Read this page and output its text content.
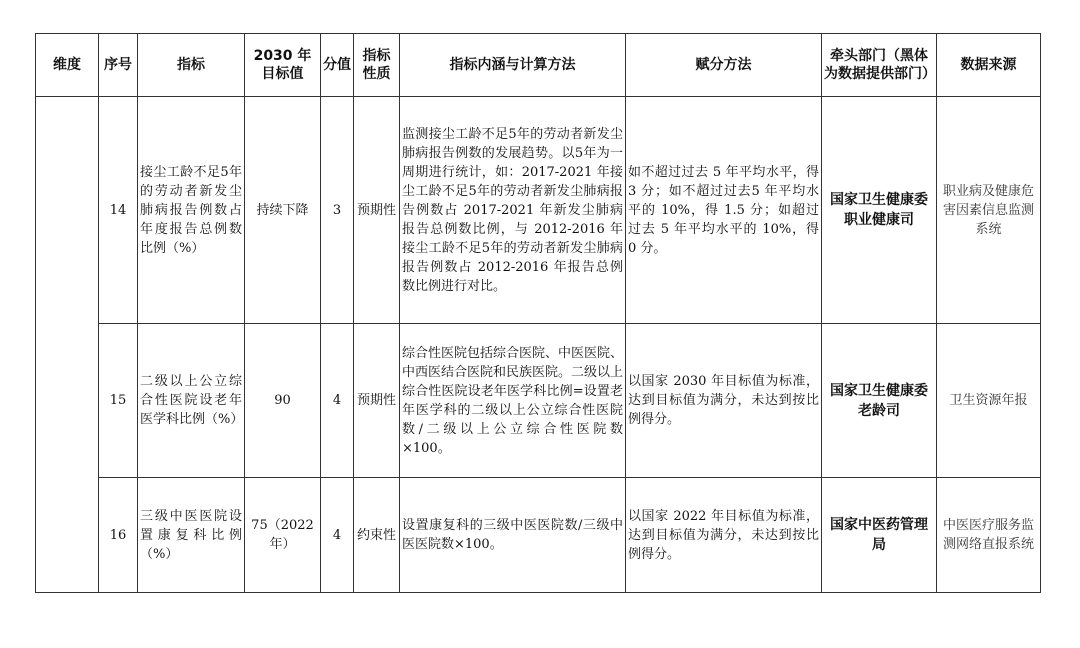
维度	序号	指标	2030 年目标值	分值	指标性质	指标内涵与计算方法	赋分方法	牵头部门（黑体为数据提供部门）	数据来源
	14	接尘工龄不足5年的劳动者新发尘肺病报告例数占年度报告总例数比例（%）	持续下降	3	预期性	监测接尘工龄不足5年的劳动者新发尘肺病报告例数的发展趋势。以5年为一周期进行统计，如：2017-2021 年接尘工龄不足5年的劳动者新发尘肺病报告例数占 2017-2021 年新发尘肺病报告总例数比例，与 2012-2016 年接尘工龄不足5年的劳动者新发尘肺病报告例数占 2012-2016 年报告总例数比例进行对比。	如不超过过去 5 年平均水平，得 3 分；如不超过过去5 年平均水平的 10%，得 1.5 分；如超过过去 5 年平均水平的 10%，得 0 分。	国家卫生健康委职业健康司	职业病及健康危害因素信息监测系统
	15	二级以上公立综合性医院设老年医学科比例（%）	90	4	预期性	综合性医院包括综合医院、中医医院、中西医结合医院和民族医院。二级以上综合性医院设老年医学科比例=设置老年医学科的二级以上公立综合性医院数/二级以上公立综合性医院数×100。	以国家 2030 年目标值为标准，达到目标值为满分，未达到按比例得分。	国家卫生健康委老龄司	卫生资源年报
	16	三级中医医院设置康复科比例（%）	75（2022 年）	4	约束性	设置康复科的三级中医医院数/三级中医医院数×100。	以国家 2022 年目标值为标准，达到目标值为满分，未达到按比例得分。	国家中医药管理局	中医医疗服务监测网络直报系统
